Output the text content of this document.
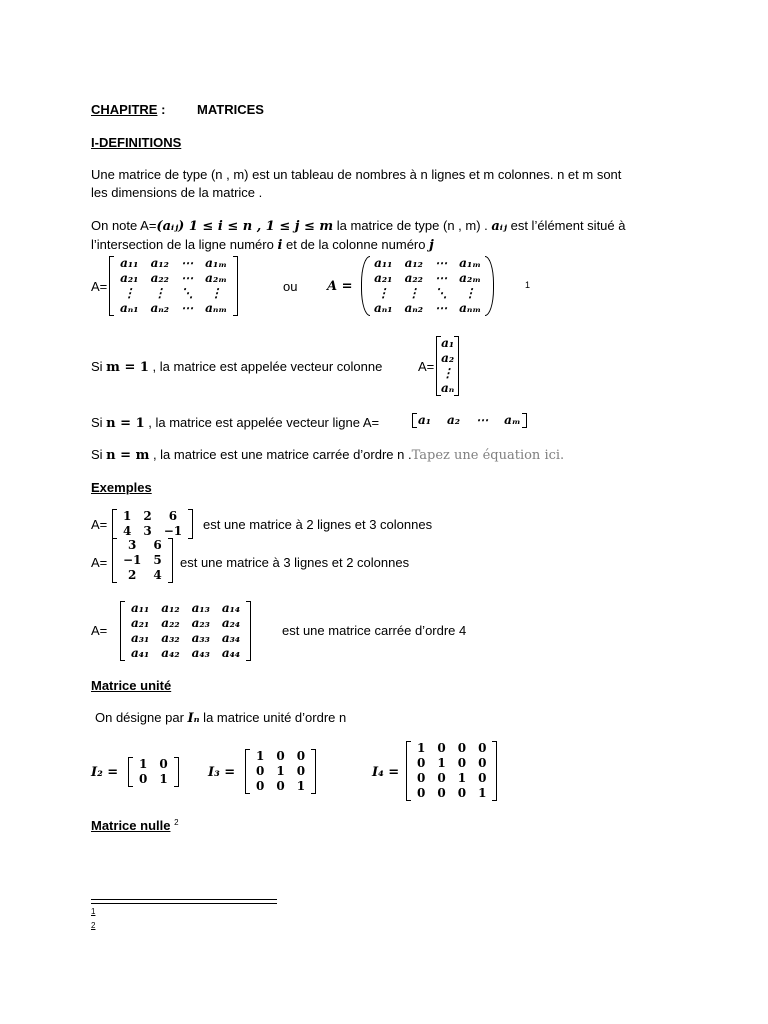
CHAPITRE : MATRICES
I-DEFINITIONS
Une matrice de type (n , m) est un tableau de nombres à n lignes et m colonnes. n et m sont
les dimensions de la matrice .
On note A=(aᵢⱼ) 1 ≤ i ≤ n , 1 ≤ j ≤ m la matrice de type (n , m) . aᵢⱼ est l’élément situé à
l’intersection de la ligne numéro i et de la colonne numéro j
A=
a₁₁	a₁₂	⋯	a₁ₘ
a₂₁	a₂₂	⋯	a₂ₘ
⋮	⋮	⋱	⋮
aₙ₁	aₙ₂	⋯	aₙₘ
ou A =
a₁₁	a₁₂	⋯	a₁ₘ
a₂₁	a₂₂	⋯	a₂ₘ
⋮	⋮	⋱	⋮
aₙ₁	aₙ₂	⋯	aₙₘ
1
Si m = 1 , la matrice est appelée vecteur colonne	A=
a₁
a₂
⋮
aₙ
Si n = 1 , la matrice est appelée vecteur ligne A=	a₁	a₂	⋯	aₘ
Si n = m , la matrice est une matrice carrée d’ordre n .Tapez une équation ici.
Exemples
A=
1	2	6
4	3	−1 est une matrice à 2 lignes et 3 colonnes
A=
3	6
−1	5
2	4
est une matrice à 3 lignes et 2 colonnes
A=
a₁₁	a₁₂	a₁₃	a₁₄
a₂₁	a₂₂	a₂₃	a₂₄
a₃₁	a₃₂	a₃₃	a₃₄
a₄₁	a₄₂	a₄₃	a₄₄
est une matrice carrée d’ordre 4
Matrice unité
On désigne par Iₙ la matrice unité d’ordre n
I₂ =
1	0
0	1	I₃ =
1	0	0
0	1	0
0	0	1
I₄ =
1	0	0	0
0	1	0	0
0	0	1	0
0	0	0	1
Matrice nulle $^2$
1
2
